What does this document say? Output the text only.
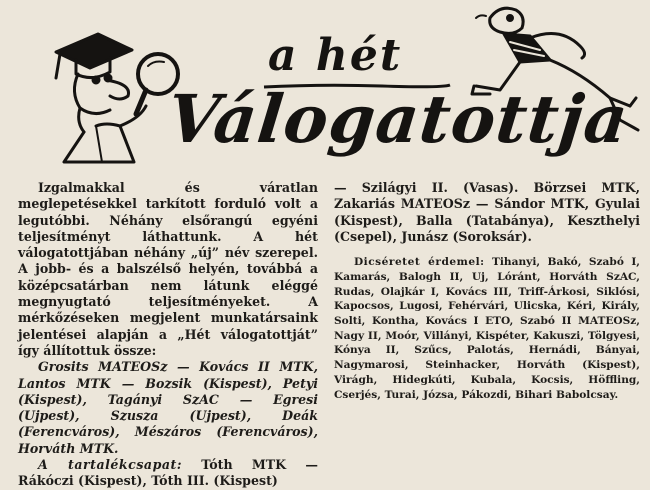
a hét
Válogatottja

Izgalmakkal és váratlan meglepetésekkel tarkított forduló volt a legutóbbi. Néhány elsőrangú egyéni teljesítményt láthattunk. A hét válogatottjában néhány „új” név szerepel. A jobb- és a balszélső helyén, továbbá a középcsatárban nem látunk eléggé megnyugtató teljesítményeket. A mérkőzéseken megjelent munkatársaink jelentései alapján a „Hét válogatottját” így állítottuk össze:

Grosits MATEOSz — Kovács II MTK, Lantos MTK — Bozsik (Kispest), Petyi (Kispest), Tagányi SzAC — Egresi (Ujpest), Szusza (Ujpest), Deák (Ferencváros), Mészáros (Ferencváros), Horváth MTK.

A tartalékcsapat: Tóth MTK — Rákóczi (Kispest), Tóth III. (Kispest)

— Szilágyi II. (Vasas). Börzsei MTK, Zakariás MATEOSz — Sándor MTK, Gyulai (Kispest), Balla (Tatabánya), Keszthelyi (Csepel), Junász (Soroksár).

Dicséretet érdemel: Tihanyi, Bakó, Szabó I, Kamarás, Balogh II, Uj, Lóránt, Horváth SzAC, Rudas, Olajkár I, Kovács III, Triff-Árkosi, Siklósi, Kapocsos, Lugosi, Fehérvári, Ulicska, Kéri, Király, Solti, Kontha, Kovács I ETO, Szabó II MATEOSz, Nagy II, Moór, Villányi, Kispéter, Kakuszi, Tölgyesi, Kónya II, Szűcs, Palotás, Hernádi, Bányai, Nagymarosi, Steinhacker, Horváth (Kispest), Virágh, Hidegkúti, Kubala, Kocsis, Höffling, Cserjés, Turai, Józsa, Pákozdi, Bihari Babolcsay.
